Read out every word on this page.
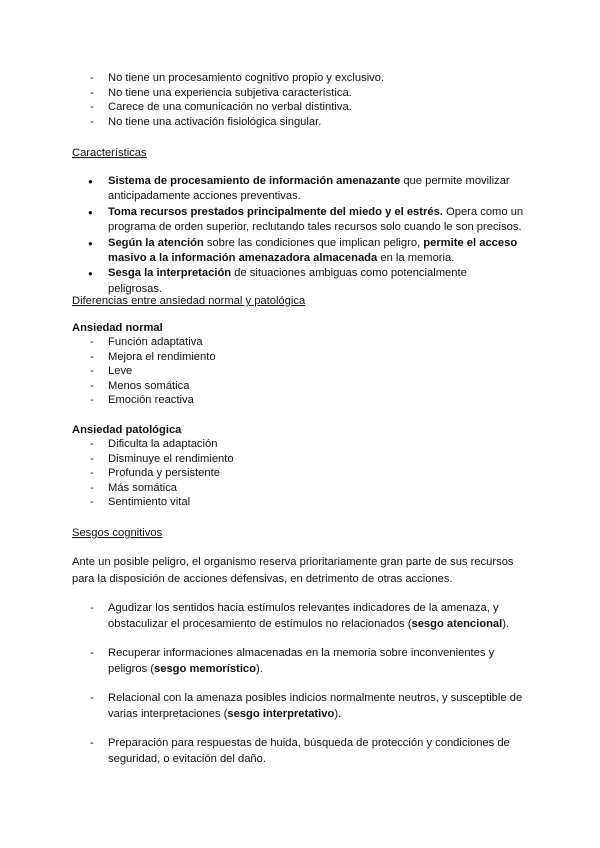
- No tiene un procesamiento cognitivo propio y exclusivo.
- No tiene una experiencia subjetiva característica.
- Carece de una comunicación no verbal distintiva.
- No tiene una activación fisiológica singular.
Características
● Sistema de procesamiento de información amenazante que permite movilizar anticipadamente acciones preventivas.
● Toma recursos prestados principalmente del miedo y el estrés. Opera como un programa de orden superior, reclutando tales recursos solo cuando le son precisos.
● Según la atención sobre las condiciones que implican peligro, permite el acceso masivo a la información amenazadora almacenada en la memoria.
● Sesga la interpretación de situaciones ambiguas como potencialmente peligrosas.
Diferencias entre ansiedad normal y patológica
Ansiedad normal
- Función adaptativa
- Mejora el rendimiento
- Leve
- Menos somática
- Emoción reactiva
Ansiedad patológica
- Dificulta la adaptación
- Disminuye el rendimiento
- Profunda y persistente
- Más somática
- Sentimiento vital
Sesgos cognitivos
Ante un posible peligro, el organismo reserva prioritariamente gran parte de sus recursos para la disposición de acciones defensivas, en detrimento de otras acciones.
- Agudizar los sentidos hacia estímulos relevantes indicadores de la amenaza, y obstaculizar el procesamiento de estímulos no relacionados (sesgo atencional).
- Recuperar informaciones almacenadas en la memoria sobre inconvenientes y peligros (sesgo memorístico).
- Relacional con la amenaza posibles indicios normalmente neutros, y susceptible de varias interpretaciones (sesgo interpretativo).
- Preparación para respuestas de huida, búsqueda de protección y condiciones de seguridad, o evitación del daño.
